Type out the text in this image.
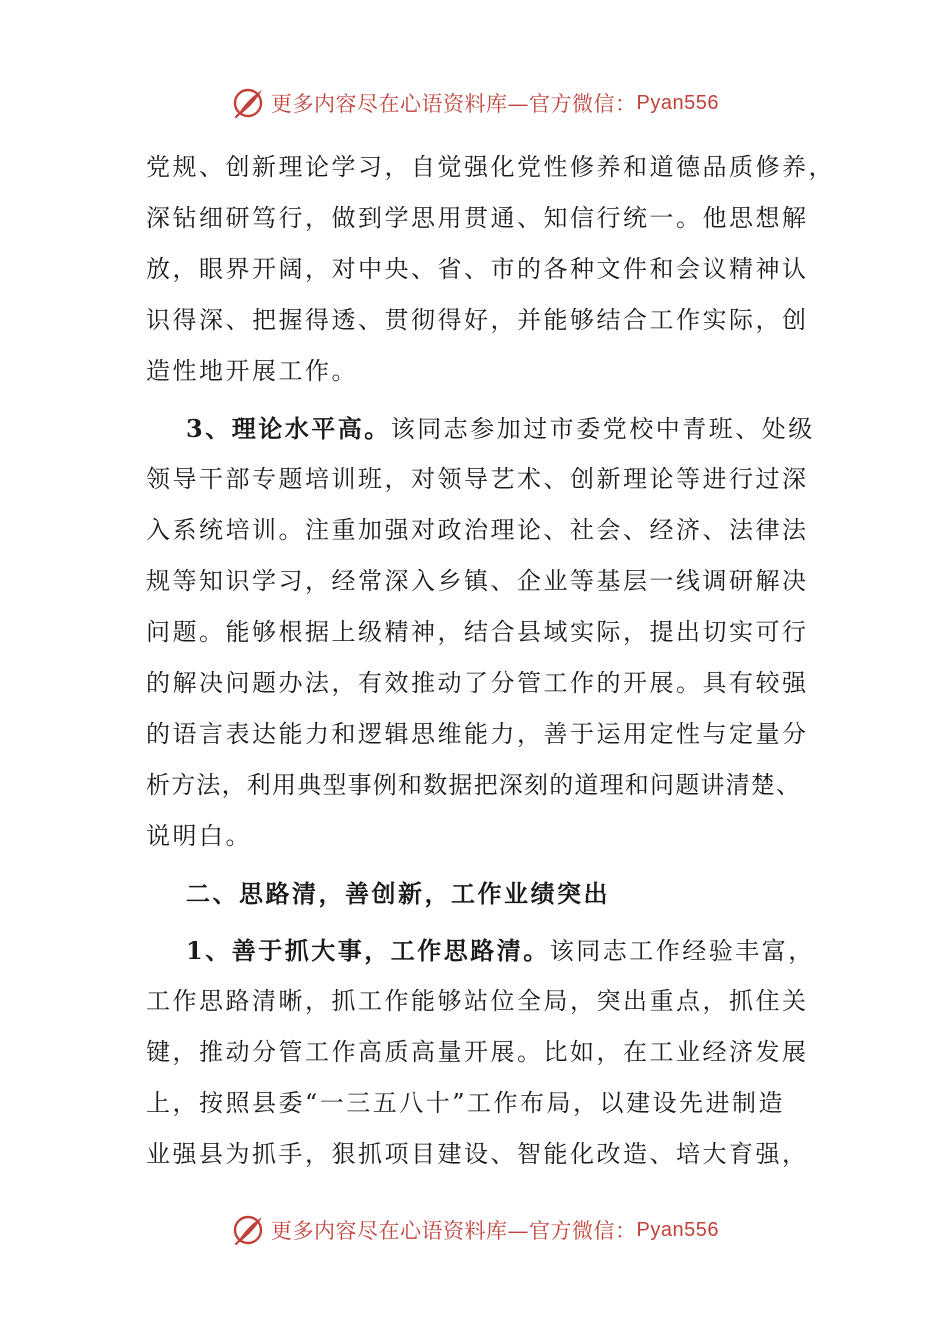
更多内容尽在心语资料库—官方微信： Pyan556
党规、创新理论学习，自觉强化党性修养和道德品质修养，
深钻细研笃行，做到学思用贯通、知信行统一。他思想解
放，眼界开阔，对中央、省、市的各种文件和会议精神认
识得深、把握得透、贯彻得好，并能够结合工作实际，创
造性地开展工作。
3、理论水平高。该同志参加过市委党校中青班、处级
领导干部专题培训班，对领导艺术、创新理论等进行过深
入系统培训。注重加强对政治理论、社会、经济、法律法
规等知识学习，经常深入乡镇、企业等基层一线调研解决
问题。能够根据上级精神，结合县域实际，提出切实可行
的解决问题办法，有效推动了分管工作的开展。具有较强
的语言表达能力和逻辑思维能力，善于运用定性与定量分
析方法，利用典型事例和数据把深刻的道理和问题讲清楚、
说明白。
二、思路清，善创新，工作业绩突出
1、善于抓大事，工作思路清。该同志工作经验丰富，
工作思路清晰，抓工作能够站位全局，突出重点，抓住关
键，推动分管工作高质高量开展。比如，在工业经济发展
上，按照县委“一三五八十”工作布局，以建设先进制造
业强县为抓手，狠抓项目建设、智能化改造、培大育强，
更多内容尽在心语资料库—官方微信： Pyan556
